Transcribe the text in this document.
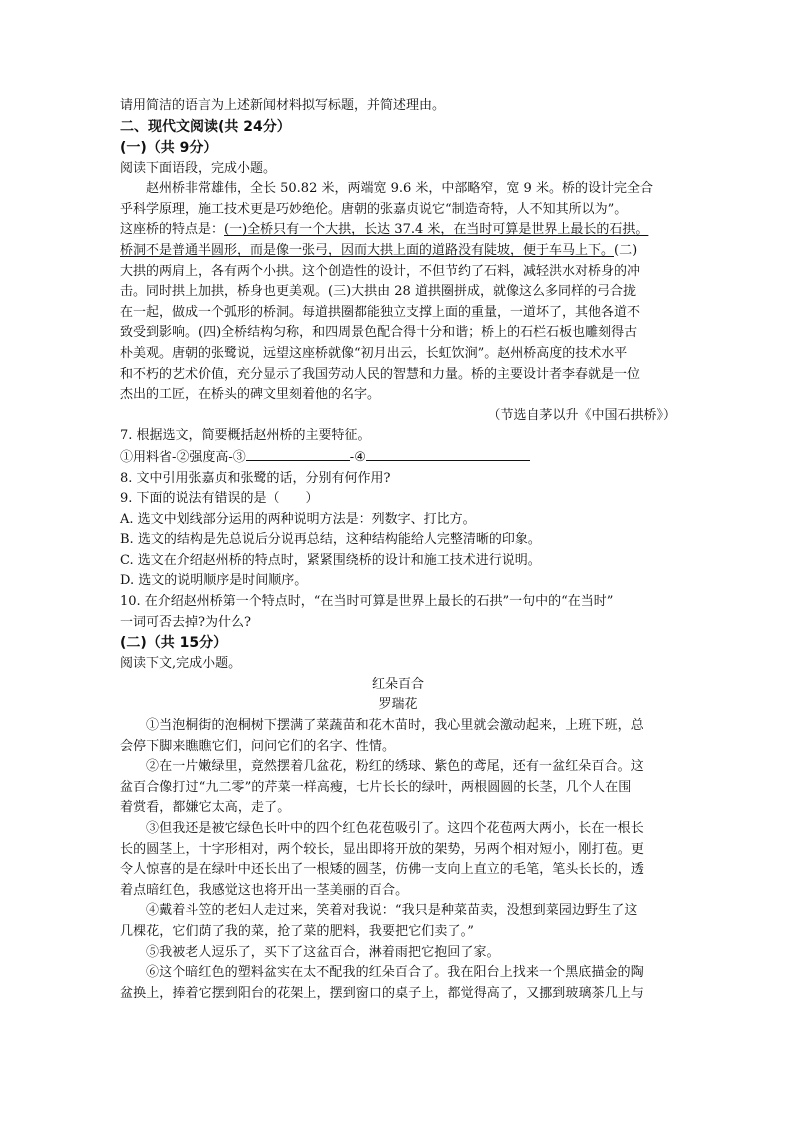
请用简洁的语言为上述新闻材料拟写标题，并简述理由。

二、现代文阅读(共 24分）

(一)（共 9分）

阅读下面语段，完成小题。

赵州桥非常雄伟，全长 50.82 米，两端宽 9.6 米，中部略窄，宽 9 米。桥的设计完全合

乎科学原理，施工技术更是巧妙绝伦。唐朝的张嘉贞说它“制造奇特，人不知其所以为”。

这座桥的特点是：(一)全桥只有一个大拱，长达 37.4 米，在当时可算是世界上最长的石拱。

桥洞不是普通半圆形，而是像一张弓，因而大拱上面的道路没有陡坡，便于车马上下。(二)

大拱的两肩上，各有两个小拱。这个创造性的设计，不但节约了石料，减轻洪水对桥身的冲

击。同时拱上加拱，桥身也更美观。(三)大拱由 28 道拱圈拼成，就像这么多同样的弓合拢

在一起，做成一个弧形的桥洞。每道拱圈都能独立支撑上面的重量，一道坏了，其他各道不

致受到影响。(四)全桥结构匀称，和四周景色配合得十分和谐；桥上的石栏石板也雕刻得古

朴美观。唐朝的张鹭说，远望这座桥就像“初月出云，长虹饮涧”。赵州桥高度的技术水平

和不朽的艺术价值，充分显示了我国劳动人民的智慧和力量。桥的主要设计者李春就是一位

杰出的工匠，在桥头的碑文里刻着他的名字。

（节选自茅以升《中国石拱桥》）

7. 根据选文，简要概括赵州桥的主要特征。

①用料省-②强度高-③	-④

8. 文中引用张嘉贞和张鹭的话，分别有何作用?

9. 下面的说法有错误的是（　　）

A. 选文中划线部分运用的两种说明方法是：列数字、打比方。

B. 选文的结构是先总说后分说再总结，这种结构能给人完整清晰的印象。

C. 选文在介绍赵州桥的特点时，紧紧围绕桥的设计和施工技术进行说明。

D. 选文的说明顺序是时间顺序。

10. 在介绍赵州桥第一个特点时，“在当时可算是世界上最长的石拱”一句中的“在当时”

一词可否去掉?为什么?

(二)（共 15分）

阅读下文,完成小题。

红朵百合

罗瑞花

①当泡桐街的泡桐树下摆满了菜蔬苗和花木苗时，我心里就会激动起来，上班下班，总

会停下脚来瞧瞧它们，问问它们的名字、性情。

②在一片嫩绿里，竟然摆着几盆花，粉红的绣球、紫色的鸢尾，还有一盆红朵百合。这

盆百合像打过“九二零”的芹菜一样高瘦，七片长长的绿叶，两根圆圆的长茎，几个人在围

着赏看，都嫌它太高，走了。

③但我还是被它绿色长叶中的四个红色花苞吸引了。这四个花苞两大两小，长在一根长

长的圆茎上，十字形相对，两个较长，显出即将开放的架势，另两个相对短小，刚打苞。更

令人惊喜的是在绿叶中还长出了一根矮的圆茎，仿佛一支向上直立的毛笔，笔头长长的，透

着点暗红色，我感觉这也将开出一茎美丽的百合。

④戴着斗笠的老妇人走过来，笑着对我说：“我只是种菜苗卖，没想到菜园边野生了这

几棵花，它们荫了我的菜，抢了菜的肥料，我要把它们卖了。”

⑤我被老人逗乐了，买下了这盆百合，淋着雨把它抱回了家。

⑥这个暗红色的塑料盆实在太不配我的红朵百合了。我在阳台上找来一个黑底描金的陶

盆换上，捧着它摆到阳台的花架上，摆到窗口的桌子上，都觉得高了，又挪到玻璃茶几上与
